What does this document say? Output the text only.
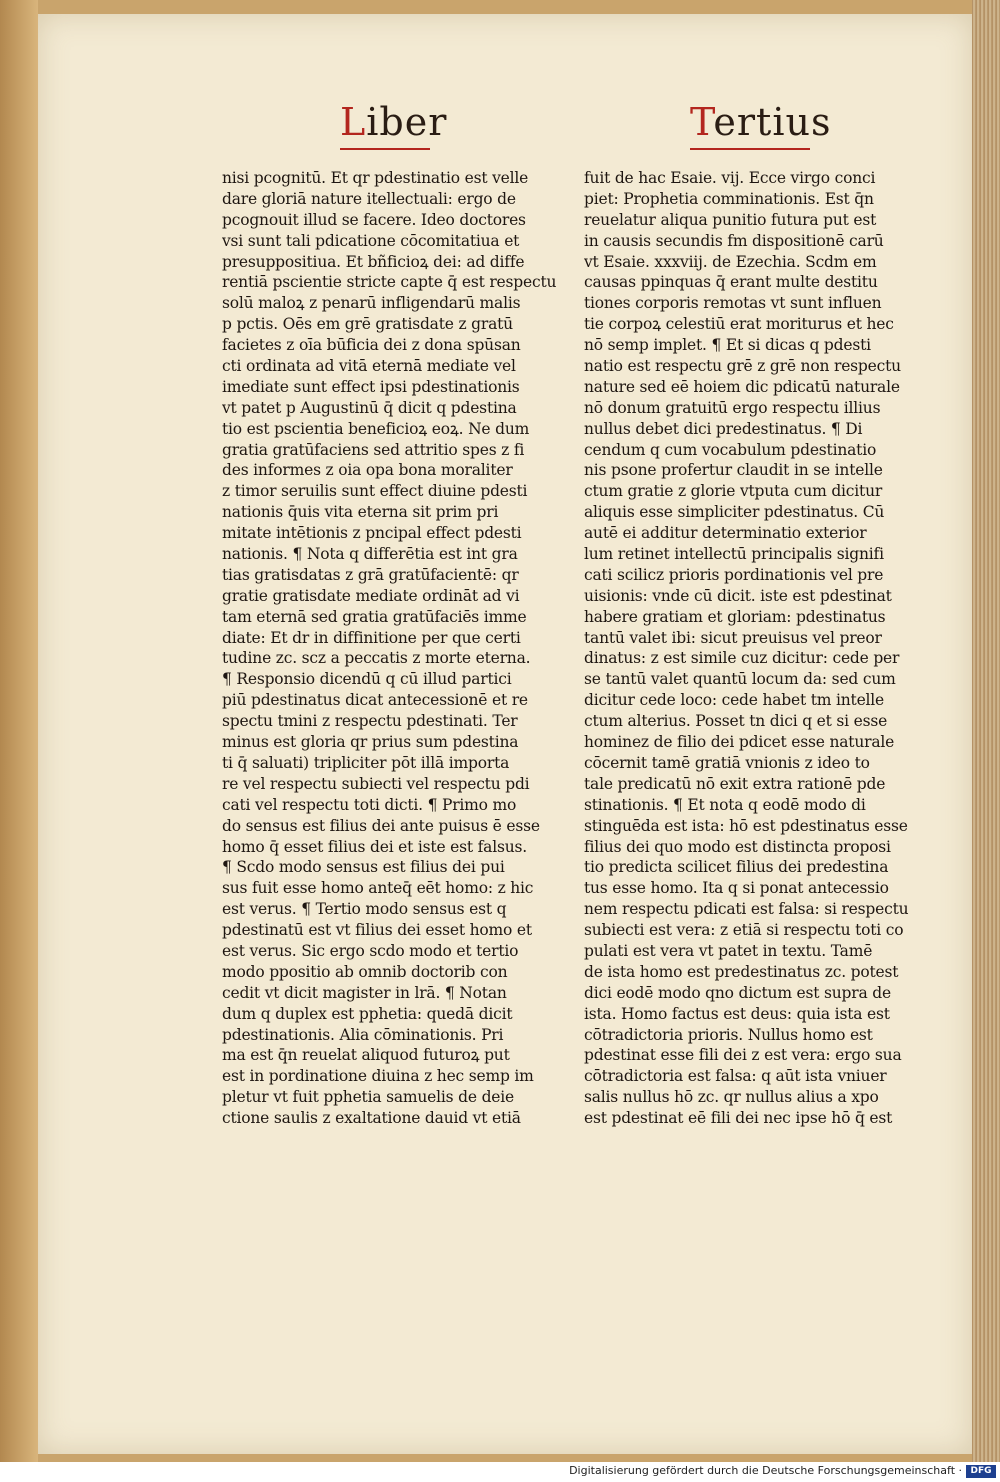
Liber	Tertius
nisi pcognitū. Et qr pdestinatio est velle
dare gloriā nature itellectuali: ergo de
pcognouit illud se facere. Ideo doctores
vsi sunt tali pdicatione cōcomitatiua et
presuppositiua. Et bñficioꝝ dei: ad diffe
rentiā pscientie stricte capte q̄ est respectu
solū maloꝝ z penarū infligendarū malis
p pctis. Oēs em grē gratisdate z gratū
facietes z oīa būficia dei z dona spūsan
cti ordinata ad vitā eternā mediate vel
imediate sunt effect ipsi pdestinationis
vt patet p Augustinū q̄ dicit q pdestina
tio est pscientia beneficioꝝ eoꝝ. Ne dum
gratia gratūfaciens sed attritio spes z fi
des informes z oia opa bona moraliter
z timor seruilis sunt effect diuine pdesti
nationis q̄uis vita eterna sit prim pri
mitate intētionis z pncipal effect pdesti
nationis. ¶ Nota q differētia est int gra
tias gratisdatas z grā gratūfacientē: qr
gratie gratisdate mediate ordināt ad vi
tam eternā sed gratia gratūfaciēs imme
diate: Et dr in diffinitione per que certi
tudine zc. scz a peccatis z morte eterna.
¶ Responsio dicendū q cū illud partici
piū pdestinatus dicat antecessionē et re
spectu tmini z respectu pdestinati. Ter
minus est gloria qr prius sum pdestina
ti q̄ saluati) tripliciter pōt illā importa
re vel respectu subiecti vel respectu pdi
cati vel respectu toti dicti. ¶ Primo mo
do sensus est filius dei ante puisus ē esse
homo q̄ esset filius dei et iste est falsus.
¶ Scdo modo sensus est filius dei pui
sus fuit esse homo anteq̄ eēt homo: z hic
est verus. ¶ Tertio modo sensus est q
pdestinatū est vt filius dei esset homo et
est verus. Sic ergo scdo modo et tertio
modo ppositio ab omnib doctorib con
cedit vt dicit magister in lrā. ¶ Notan
dum q duplex est pphetia: quedā dicit
pdestinationis. Alia cōminationis. Pri
ma est q̄n reuelat aliquod futuroꝝ put
est in pordinatione diuina z hec semp im
pletur vt fuit pphetia samuelis de deie
ctione saulis z exaltatione dauid vt etiā
fuit de hac Esaie. vij. Ecce virgo conci
piet: Prophetia comminationis. Est q̄n
reuelatur aliqua punitio futura put est
in causis secundis fm dispositionē carū
vt Esaie. xxxviij. de Ezechia. Scdm em
causas ppinquas q̄ erant multe destitu
tiones corporis remotas vt sunt influen
tie corpoꝝ celestiū erat moriturus et hec
nō semp implet. ¶ Et si dicas q pdesti
natio est respectu grē z grē non respectu
nature sed eē hoiem dic pdicatū naturale
nō donum gratuitū ergo respectu illius
nullus debet dici predestinatus. ¶ Di
cendum q cum vocabulum pdestinatio
nis psone profertur claudit in se intelle
ctum gratie z glorie vtputa cum dicitur
aliquis esse simpliciter pdestinatus. Cū
autē ei additur determinatio exterior
lum retinet intellectū principalis signifi
cati scilicz prioris pordinationis vel pre
uisionis: vnde cū dicit. iste est pdestinat
habere gratiam et gloriam: pdestinatus
tantū valet ibi: sicut preuisus vel preor
dinatus: z est simile cuz dicitur: cede per
se tantū valet quantū locum da: sed cum
dicitur cede loco: cede habet tm intelle
ctum alterius. Posset tn dici q et si esse
hominez de filio dei pdicet esse naturale
cōcernit tamē gratiā vnionis z ideo to
tale predicatū nō exit extra rationē pde
stinationis. ¶ Et nota q eodē modo di
stinguēda est ista: hō est pdestinatus esse
filius dei quo modo est distincta proposi
tio predicta scilicet filius dei predestina
tus esse homo. Ita q si ponat antecessio
nem respectu pdicati est falsa: si respectu
subiecti est vera: z etiā si respectu toti co
pulati est vera vt patet in textu. Tamē
de ista homo est predestinatus zc. potest
dici eodē modo qno dictum est supra de
ista. Homo factus est deus: quia ista est
cōtradictoria prioris. Nullus homo est
pdestinat esse fili dei z est vera: ergo sua
cōtradictoria est falsa: q aūt ista vniuer
salis nullus hō zc. qr nullus alius a xpo
est pdestinat eē fili dei nec ipse hō q̄ est
Digitalisierung gefördert durch die Deutsche Forschungsgemeinschaft · DFG
